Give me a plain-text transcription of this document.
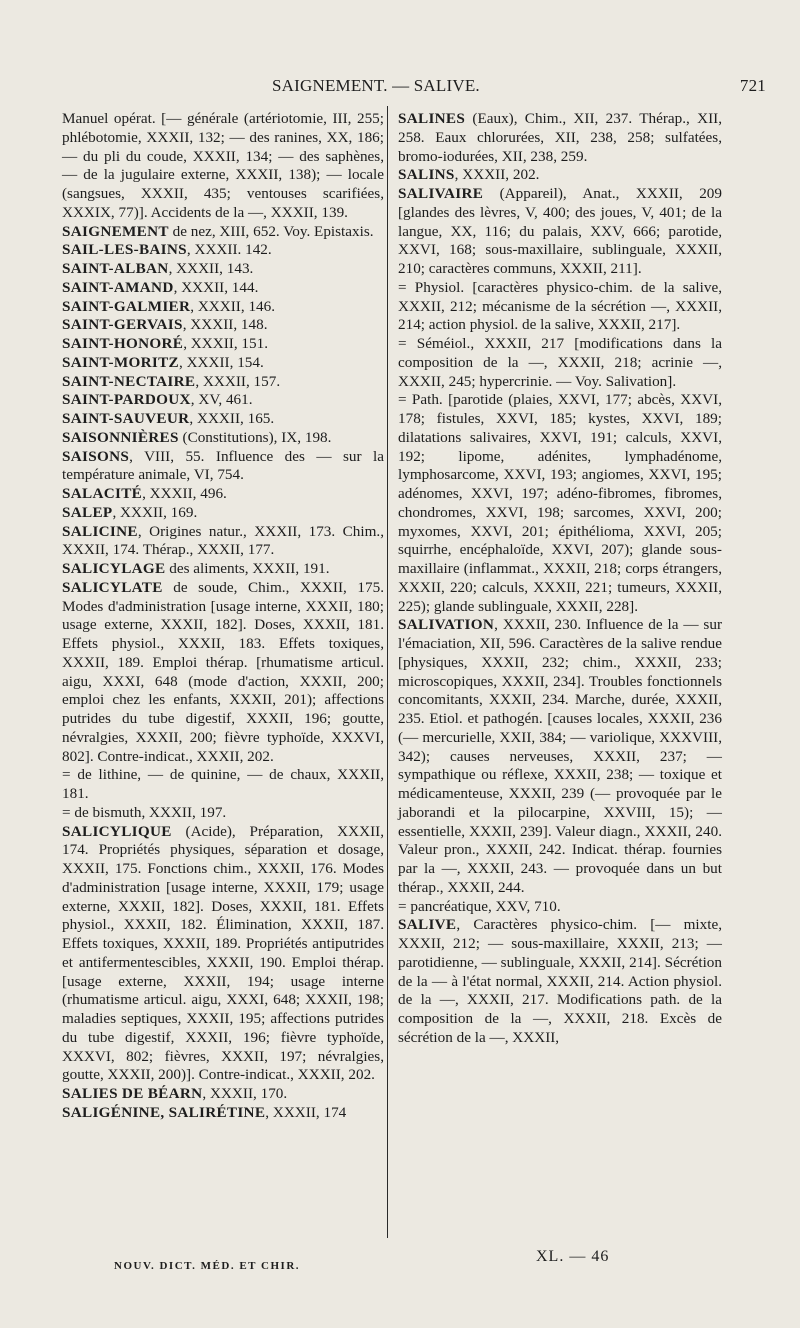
SAIGNEMENT. — SALIVE.	721

Manuel opérat. [— générale (artériotomie, III, 255; phlébotomie, XXXII, 132; — des ranines, XX, 186; — du pli du coude, XXXII, 134; — des saphènes, — de la jugulaire externe, XXXII, 138); — locale (sangsues, XXXII, 435; ventouses scarifiées, XXXIX, 77)]. Accidents de la —, XXXII, 139.

SAIGNEMENT de nez, XIII, 652. Voy. Epistaxis.

SAIL-LES-BAINS, XXXII. 142.

SAINT-ALBAN, XXXII, 143.

SAINT-AMAND, XXXII, 144.

SAINT-GALMIER, XXXII, 146.

SAINT-GERVAIS, XXXII, 148.

SAINT-HONORÉ, XXXII, 151.

SAINT-MORITZ, XXXII, 154.

SAINT-NECTAIRE, XXXII, 157.

SAINT-PARDOUX, XV, 461.

SAINT-SAUVEUR, XXXII, 165.

SAISONNIÈRES (Constitutions), IX, 198.

SAISONS, VIII, 55. Influence des — sur la température animale, VI, 754.

SALACITÉ, XXXII, 496.

SALEP, XXXII, 169.

SALICINE, Origines natur., XXXII, 173. Chim., XXXII, 174. Thérap., XXXII, 177.

SALICYLAGE des aliments, XXXII, 191.

SALICYLATE de soude, Chim., XXXII, 175. Modes d'administration [usage interne, XXXII, 180; usage externe, XXXII, 182]. Doses, XXXII, 181. Effets physiol., XXXII, 183. Effets toxiques, XXXII, 189. Emploi thérap. [rhumatisme articul. aigu, XXXI, 648 (mode d'action, XXXII, 200; emploi chez les enfants, XXXII, 201); affections putrides du tube digestif, XXXII, 196; goutte, névralgies, XXXII, 200; fièvre typhoïde, XXXVI, 802]. Contre-indicat., XXXII, 202.

= de lithine, — de quinine, — de chaux, XXXII, 181.

= de bismuth, XXXII, 197.

SALICYLIQUE (Acide), Préparation, XXXII, 174. Propriétés physiques, séparation et dosage, XXXII, 175. Fonctions chim., XXXII, 176. Modes d'administration [usage interne, XXXII, 179; usage externe, XXXII, 182]. Doses, XXXII, 181. Effets physiol., XXXII, 182. Élimination, XXXII, 187. Effets toxiques, XXXII, 189. Propriétés antiputrides et antifermentescibles, XXXII, 190. Emploi thérap. [usage externe, XXXII, 194; usage interne (rhumatisme articul. aigu, XXXI, 648; XXXII, 198; maladies septiques, XXXII, 195; affections putrides du tube digestif, XXXII, 196; fièvre typhoïde, XXXVI, 802; fièvres, XXXII, 197; névralgies, goutte, XXXII, 200)]. Contre-indicat., XXXII, 202.

SALIES DE BÉARN, XXXII, 170.

SALIGÉNINE, SALIRÉTINE, XXXII, 174

SALINES (Eaux), Chim., XII, 237. Thérap., XII, 258. Eaux chlorurées, XII, 238, 258; sulfatées, bromo-iodurées, XII, 238, 259.

SALINS, XXXII, 202.

SALIVAIRE (Appareil), Anat., XXXII, 209 [glandes des lèvres, V, 400; des joues, V, 401; de la langue, XX, 116; du palais, XXV, 666; parotide, XXVI, 168; sous-maxillaire, sublinguale, XXXII, 210; caractères communs, XXXII, 211].

= Physiol. [caractères physico-chim. de la salive, XXXII, 212; mécanisme de la sécrétion —, XXXII, 214; action physiol. de la salive, XXXII, 217].

= Séméiol., XXXII, 217 [modifications dans la composition de la —, XXXII, 218; acrinie —, XXXII, 245; hypercrinie. — Voy. Salivation].

= Path. [parotide (plaies, XXVI, 177; abcès, XXVI, 178; fistules, XXVI, 185; kystes, XXVI, 189; dilatations salivaires, XXVI, 191; calculs, XXVI, 192; lipome, adénites, lymphadénome, lymphosarcome, XXVI, 193; angiomes, XXVI, 195; adénomes, XXVI, 197; adéno-fibromes, fibromes, chondromes, XXVI, 198; sarcomes, XXVI, 200; myxomes, XXVI, 201; épithélioma, XXVI, 205; squirrhe, encéphaloïde, XXVI, 207); glande sous-maxillaire (inflammat., XXXII, 218; corps étrangers, XXXII, 220; calculs, XXXII, 221; tumeurs, XXXII, 225); glande sublinguale, XXXII, 228].

SALIVATION, XXXII, 230. Influence de la — sur l'émaciation, XII, 596. Caractères de la salive rendue [physiques, XXXII, 232; chim., XXXII, 233; microscopiques, XXXII, 234]. Troubles fonctionnels concomitants, XXXII, 234. Marche, durée, XXXII, 235. Etiol. et pathogén. [causes locales, XXXII, 236 (— mercurielle, XXII, 384; — variolique, XXXVIII, 342); causes nerveuses, XXXII, 237; — sympathique ou réflexe, XXXII, 238; — toxique et médicamenteuse, XXXII, 239 (— provoquée par le jaborandi et la pilocarpine, XXVIII, 15); — essentielle, XXXII, 239]. Valeur diagn., XXXII, 240. Valeur pron., XXXII, 242. Indicat. thérap. fournies par la —, XXXII, 243. — provoquée dans un but thérap., XXXII, 244.

= pancréatique, XXV, 710.

SALIVE, Caractères physico-chim. [— mixte, XXXII, 212; — sous-maxillaire, XXXII, 213; — parotidienne, — sublinguale, XXXII, 214]. Sécrétion de la — à l'état normal, XXXII, 214. Action physiol. de la —, XXXII, 217. Modifications path. de la composition de la —, XXXII, 218. Excès de sécrétion de la —, XXXII,

NOUV. DICT. MÉD. ET CHIR.
XL. — 46
